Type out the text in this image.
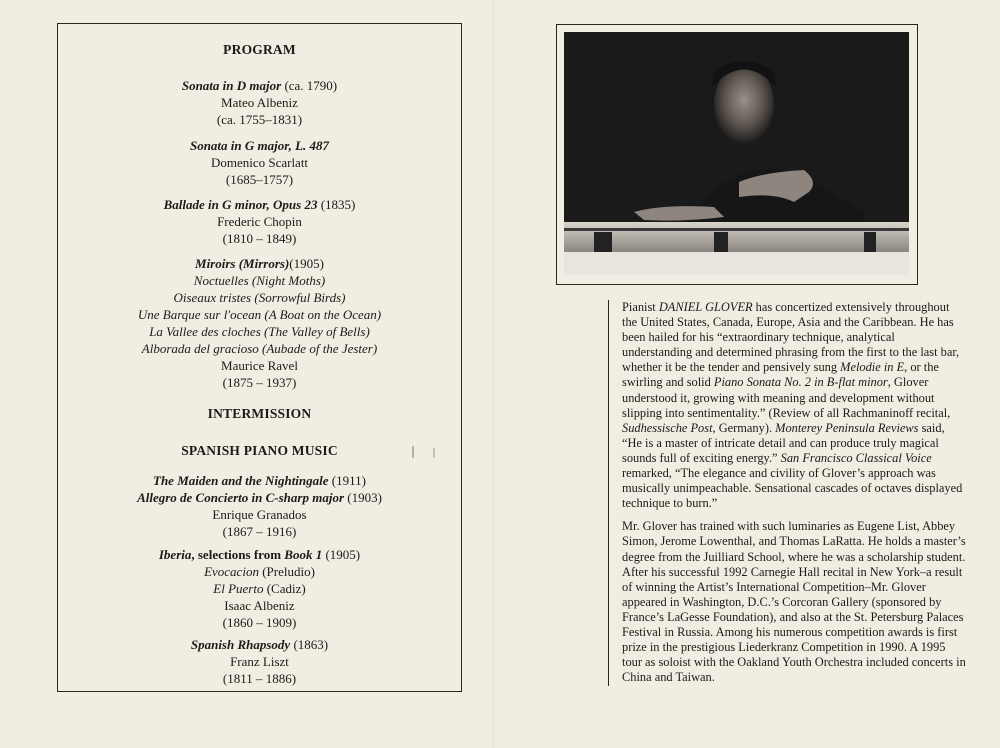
PROGRAM
Sonata in D major (ca. 1790)
Mateo Albeniz
(ca. 1755–1831)
Sonata in G major, L. 487
Domenico Scarlatt
(1685–1757)
Ballade in G minor, Opus 23 (1835)
Frederic Chopin
(1810 – 1849)
Miroirs (Mirrors)(1905)
Noctuelles (Night Moths)
Oiseaux tristes (Sorrowful Birds)
Une Barque sur l'ocean (A Boat on the Ocean)
La Vallee des cloches (The Valley of Bells)
Alborada del gracioso (Aubade of the Jester)
Maurice Ravel
(1875 – 1937)
INTERMISSION
SPANISH PIANO MUSIC
The Maiden and the Nightingale (1911)
Allegro de Concierto in C-sharp major (1903)
Enrique Granados
(1867 – 1916)
Iberia, selections from Book 1 (1905)
Evocacion (Preludio)
El Puerto (Cadiz)
Isaac Albeniz
(1860 – 1909)
Spanish Rhapsody (1863)
Franz Liszt
(1811 – 1886)

Pianist DANIEL GLOVER has concertized extensively throughout the United States, Canada, Europe, Asia and the Caribbean. He has been hailed for his “extraordinary technique, analytical understanding and determined phrasing from the first to the last bar, whether it be the tender and pensively sung Melodie in E, or the swirling and solid Piano Sonata No. 2 in B-flat minor, Glover understood it, growing with meaning and development without slipping into sentimentality.” (Review of all Rachmaninoff recital, Sudhessische Post, Germany). Monterey Peninsula Reviews said, “He is a master of intricate detail and can produce truly magical sounds full of exciting energy.” San Francisco Classical Voice remarked, “The elegance and civility of Glover’s approach was musically unimpeachable. Sensational cascades of octaves displayed technique to burn.”

Mr. Glover has trained with such luminaries as Eugene List, Abbey Simon, Jerome Lowenthal, and Thomas LaRatta. He holds a master’s degree from the Juilliard School, where he was a scholarship student. After his successful 1992 Carnegie Hall recital in New York–a result of winning the Artist’s International Competition–Mr. Glover appeared in Washington, D.C.’s Corcoran Gallery (sponsored by France’s LaGesse Foundation), and also at the St. Petersburg Palaces Festival in Russia. Among his numerous competition awards is first prize in the prestigious Liederkranz Competition in 1990. A 1995 tour as soloist with the Oakland Youth Orchestra included concerts in China and Taiwan.
